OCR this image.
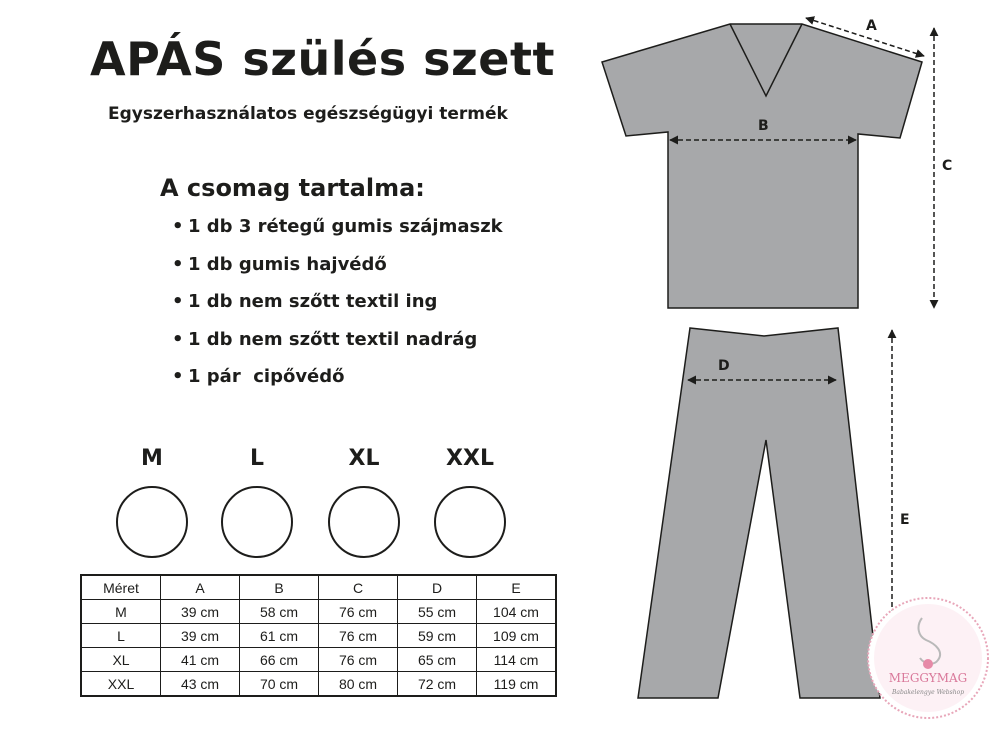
APÁS szülés szett

Egyszerhasználatos egészségügyi termék

A csomag tartalma:
• 1 db 3 rétegű gumis szájmaszk
• 1 db gumis hajvédő
• 1 db nem szőtt textil ing
• 1 db nem szőtt textil nadrág
• 1 pár  cipővédő
M	L	XL	XXL
Méret	A	B	C	D	E
M	39 cm	58 cm	76 cm	55 cm	104 cm
L	39 cm	61 cm	76 cm	59 cm	109 cm
XL	41 cm	66 cm	76 cm	65 cm	114 cm
XXL	43 cm	70 cm	80 cm	72 cm	119 cm
A
B
C
D
E
MEGGYMAG
Babakelengye Webshop
